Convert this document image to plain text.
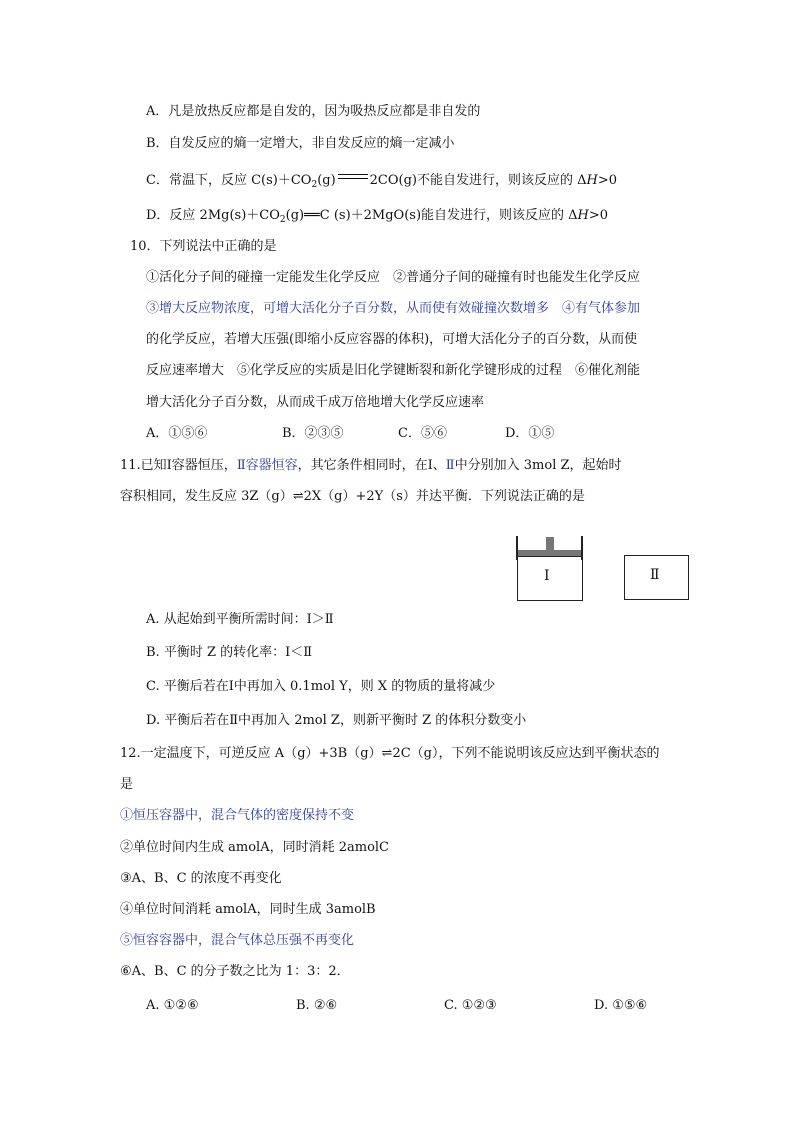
A．凡是放热反应都是自发的，因为吸热反应都是非自发的
B．自发反应的熵一定增大，非自发反应的熵一定减小
C．常温下，反应 $C(s)+CO_2(g)$	2CO(g)不能自发进行，则该反应的 ΔH>0
D．反应 $2Mg(s)+CO_2(g)══C$ (s)＋2MgO(s)能自发进行，则该反应的 ΔH>0
10．下列说法中正确的是
①活化分子间的碰撞一定能发生化学反应　②普通分子间的碰撞有时也能发生化学反应
③增大反应物浓度，可增大活化分子百分数，从而使有效碰撞次数增多　④有气体参加
的化学反应，若增大压强(即缩小反应容器的体积)，可增大活化分子的百分数，从而使
反应速率增大　⑤化学反应的实质是旧化学键断裂和新化学键形成的过程　⑥催化剂能
增大活化分子百分数，从而成千成万倍地增大化学反应速率
A．①⑤⑥	B．②③⑤	C．⑤⑥	D．①⑤
11.已知Ⅰ容器恒压，Ⅱ容器恒容，其它条件相同时，在Ⅰ、Ⅱ中分别加入 3mol Z，起始时
容积相同，发生反应 3Z（g）⇌2X（g）+2Y（s）并达平衡．下列说法正确的是
Ⅰ	Ⅱ
A. 从起始到平衡所需时间：Ⅰ＞Ⅱ
B. 平衡时 Z 的转化率：Ⅰ＜Ⅱ
C. 平衡后若在Ⅰ中再加入 0.1mol Y，则 X 的物质的量将减少
D. 平衡后若在Ⅱ中再加入 2mol Z，则新平衡时 Z 的体积分数变小
12.一定温度下，可逆反应 A（g）+3B（g）⇌2C（g），下列不能说明该反应达到平衡状态的
是
①恒压容器中，混合气体的密度保持不变
②单位时间内生成 amolA，同时消耗 2amolC
③A、B、C 的浓度不再变化
④单位时间消耗 amolA，同时生成 3amolB
⑤恒容容器中，混合气体总压强不再变化
⑥A、B、C 的分子数之比为 1：3：2．
A. ①②⑥	B. ②⑥	C. ①②③	D. ①⑤⑥
